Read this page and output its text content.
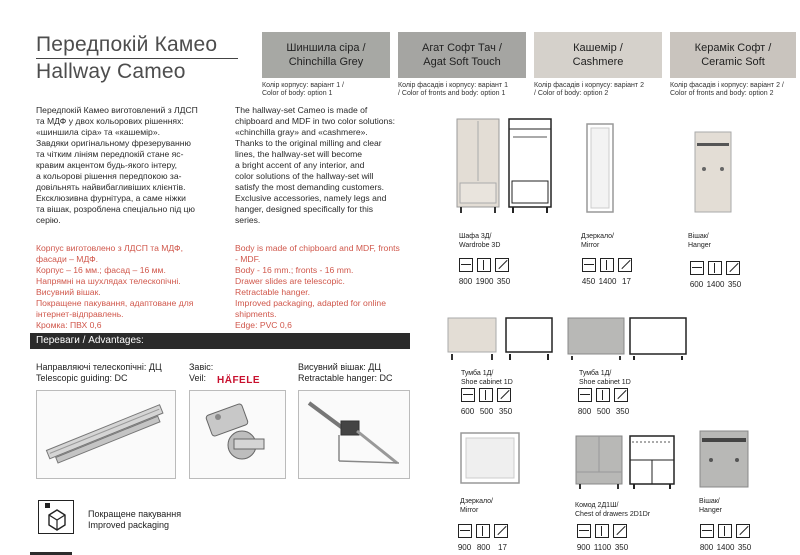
Передпокій Камео
Hallway Cameo
Шиншила сіра /
Chinchilla Grey
Агат Софт Тач /
Agat Soft Touch
Кашемір /
Cashmere
Керамік Софт /
Ceramic Soft
Колір корпусу: варіант 1 /
Color of body: option 1
Колір фасадів і корпусу: варіант 1
/ Color of fronts and body: option 1
Колір фасадів і корпусу: варіант 2
/ Color of body: option 2
Колір фасадів і корпусу: варіант 2 /
Color of fronts and body: option 2
Передпокій Камео виготовлений з ЛДСП
та МДФ у двох кольорових рішеннях:
«шиншила сіра» та «кашемір».
Завдяки оригінальному фрезеруванню
та чітким лініям передпокій стане яс-
кравим акцентом будь-якого інтеру,
а кольорові рішення передпокою за-
довільнять найвибагливіших клієнтів.
Ексклюзивна фурнітура, а саме ніжки
та вішак, розроблена спеціально під цю
серію.
The hallway-set Cameo is made of
chipboard and MDF in two color solutions:
«chinchilla gray» and «cashmere».
Thanks to the original milling and clear
lines, the hallway-set will become
a bright accent of any interior, and
color solutions of the hallway-set will
satisfy the most demanding customers.
Exclusive accessories, namely legs and
hanger, designed specifically for this
series.
Корпус виготовлено з ЛДСП та МДФ,
фасади – МДФ.
Корпус – 16 мм.; фасад – 16 мм.
Напрямні на шухлядах телескопічні.
Висувний вішак.
Покращене пакування, адаптоване для
інтернет-відправлень.
Кромка: ПВХ 0,6
Body is made of chipboard and MDF, fronts
- MDF.
Body - 16 mm.; fronts - 16 mm.
Drawer slides are telescopic.
Retractable hanger.
Improved packaging, adapted for online
shipments.
Edge: PVC 0,6
Переваги / Advantages:
Направляючі телескопічні: ДЦ
Telescopic guiding: DC
Завіс:
Veil:	HÄFELE
Висувний вішак: ДЦ
Retractable hanger: DC
Покращене пакування
Improved packaging
Шафа 3Д/
Wardrobe 3D
Дзеркало/
Mirror
Вішак/
Hanger
800 1900 350	450 1400 17	600 1400 350
Тумба 1Д/
Shoe cabinet 1D
600 500 350
Тумба 1Д/
Shoe cabinet 1D
800 500 350
Дзеркало/
Mirror
900 800 17
Комод 2Д1Ш/
Chest of drawers 2D1Dr
900 1100 350
Вішак/
Hanger
800 1400 350
